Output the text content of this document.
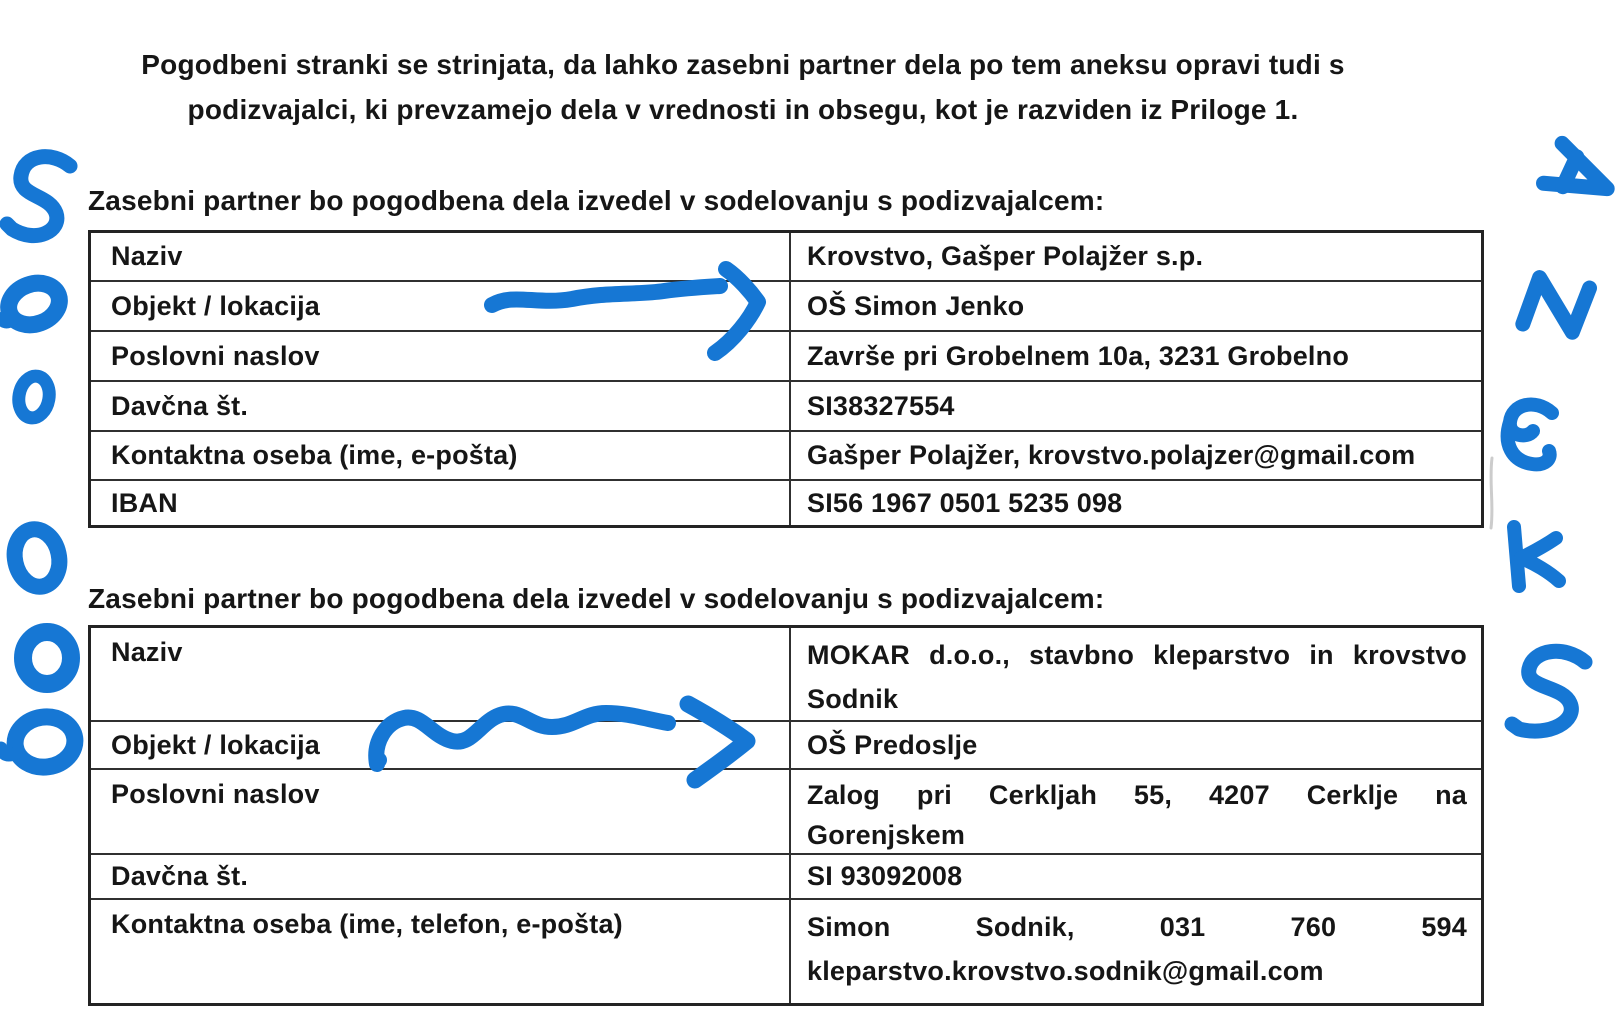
Pogodbeni stranki se strinjata, da lahko zasebni partner dela po tem aneksu opravi tudi s
podizvajalci, ki prevzamejo dela v vrednosti in obsegu, kot je razviden iz Priloge 1.
Zasebni partner bo pogodbena dela izvedel v sodelovanju s podizvajalcem:
Naziv	Krovstvo, Gašper Polajžer s.p.
Objekt / lokacija	OŠ Simon Jenko
Poslovni naslov	Završe pri Grobelnem 10a, 3231 Grobelno
Davčna št.	SI38327554
Kontaktna oseba (ime, e-pošta)	Gašper Polajžer, krovstvo.polajzer@gmail.com
IBAN	SI56 1967 0501 5235 098
Zasebni partner bo pogodbena dela izvedel v sodelovanju s podizvajalcem:
Naziv	MOKAR d.o.o., stavbno kleparstvo in krovstvo
Sodnik
Objekt / lokacija	OŠ Predoslje
Poslovni naslov	Zalog pri Cerkljah 55, 4207 Cerklje na
Gorenjskem
Davčna št.	SI 93092008
Kontaktna oseba (ime, telefon, e-pošta)	Simon Sodnik, 031 760 594
kleparstvo.krovstvo.sodnik@gmail.com
